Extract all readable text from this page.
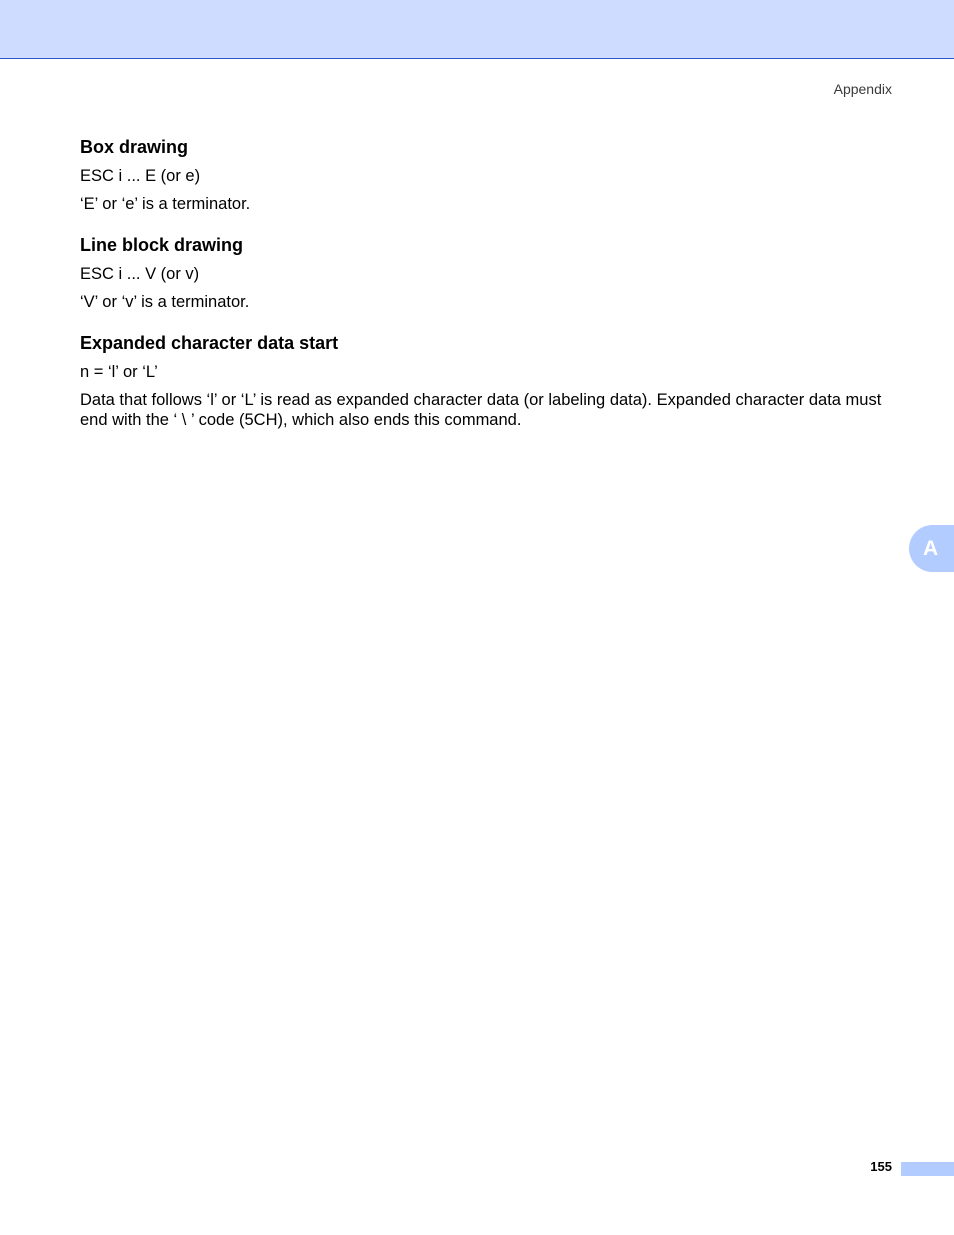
Appendix
Box drawing

ESC i ... E (or e)

‘E’ or ‘e’ is a terminator.

Line block drawing

ESC i ... V (or v)

‘V’ or ‘v’ is a terminator.

Expanded character data start

n = ‘l’ or ‘L’

Data that follows ‘l’ or ‘L’ is read as expanded character data (or labeling data). Expanded character data must end with the ‘ \ ’ code (5CH), which also ends this command.

A
155
